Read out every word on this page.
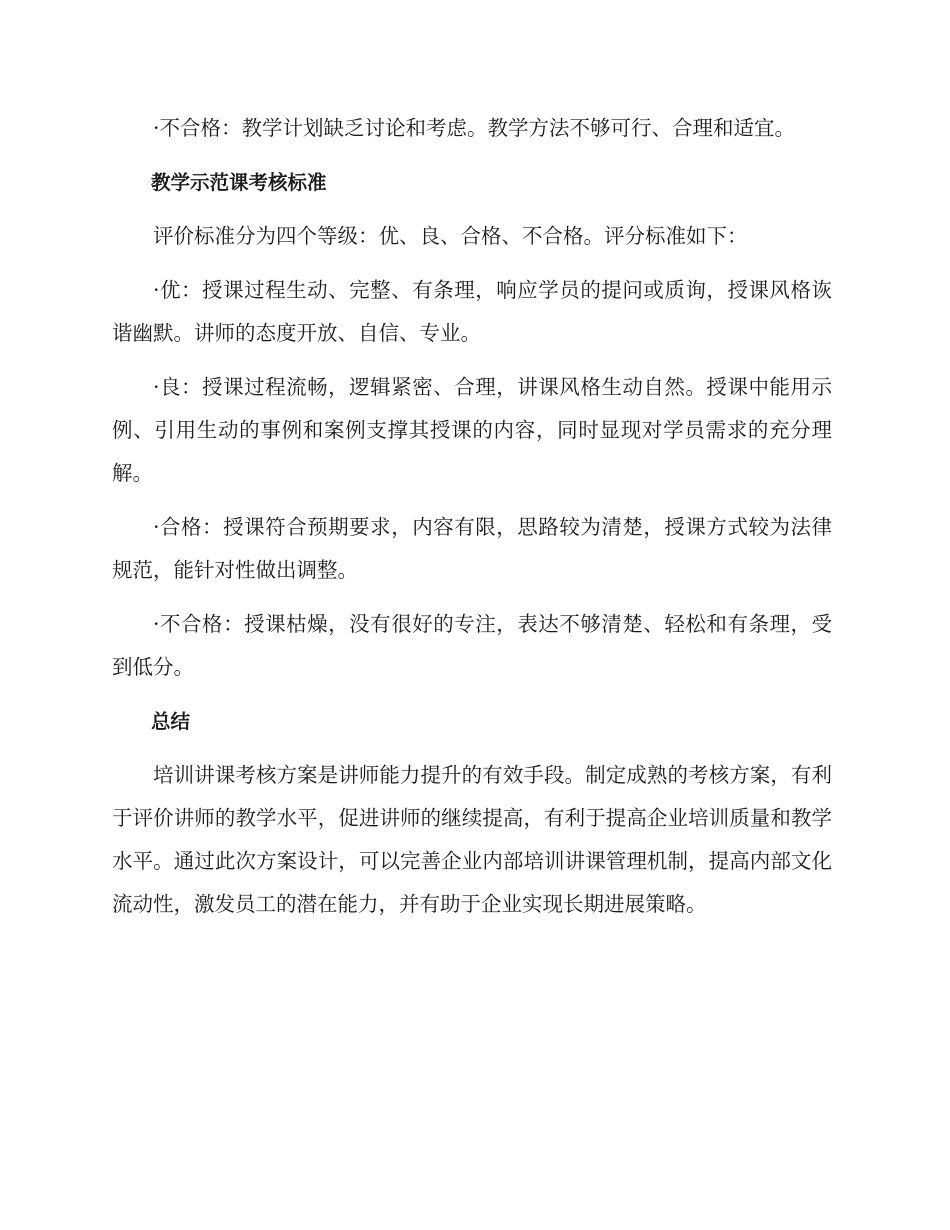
·不合格：教学计划缺乏讨论和考虑。教学方法不够可行、合理和适宜。

教学示范课考核标准

评价标准分为四个等级：优、良、合格、不合格。评分标准如下：

·优：授课过程生动、完整、有条理，响应学员的提问或质询，授课风格诙谐幽默。讲师的态度开放、自信、专业。

·良：授课过程流畅，逻辑紧密、合理，讲课风格生动自然。授课中能用示例、引用生动的事例和案例支撑其授课的内容，同时显现对学员需求的充分理解。

·合格：授课符合预期要求，内容有限，思路较为清楚，授课方式较为法律规范，能针对性做出调整。

·不合格：授课枯燥，没有很好的专注，表达不够清楚、轻松和有条理，受到低分。

总结

培训讲课考核方案是讲师能力提升的有效手段。制定成熟的考核方案，有利于评价讲师的教学水平，促进讲师的继续提高，有利于提高企业培训质量和教学水平。通过此次方案设计，可以完善企业内部培训讲课管理机制，提高内部文化流动性，激发员工的潜在能力，并有助于企业实现长期进展策略。
